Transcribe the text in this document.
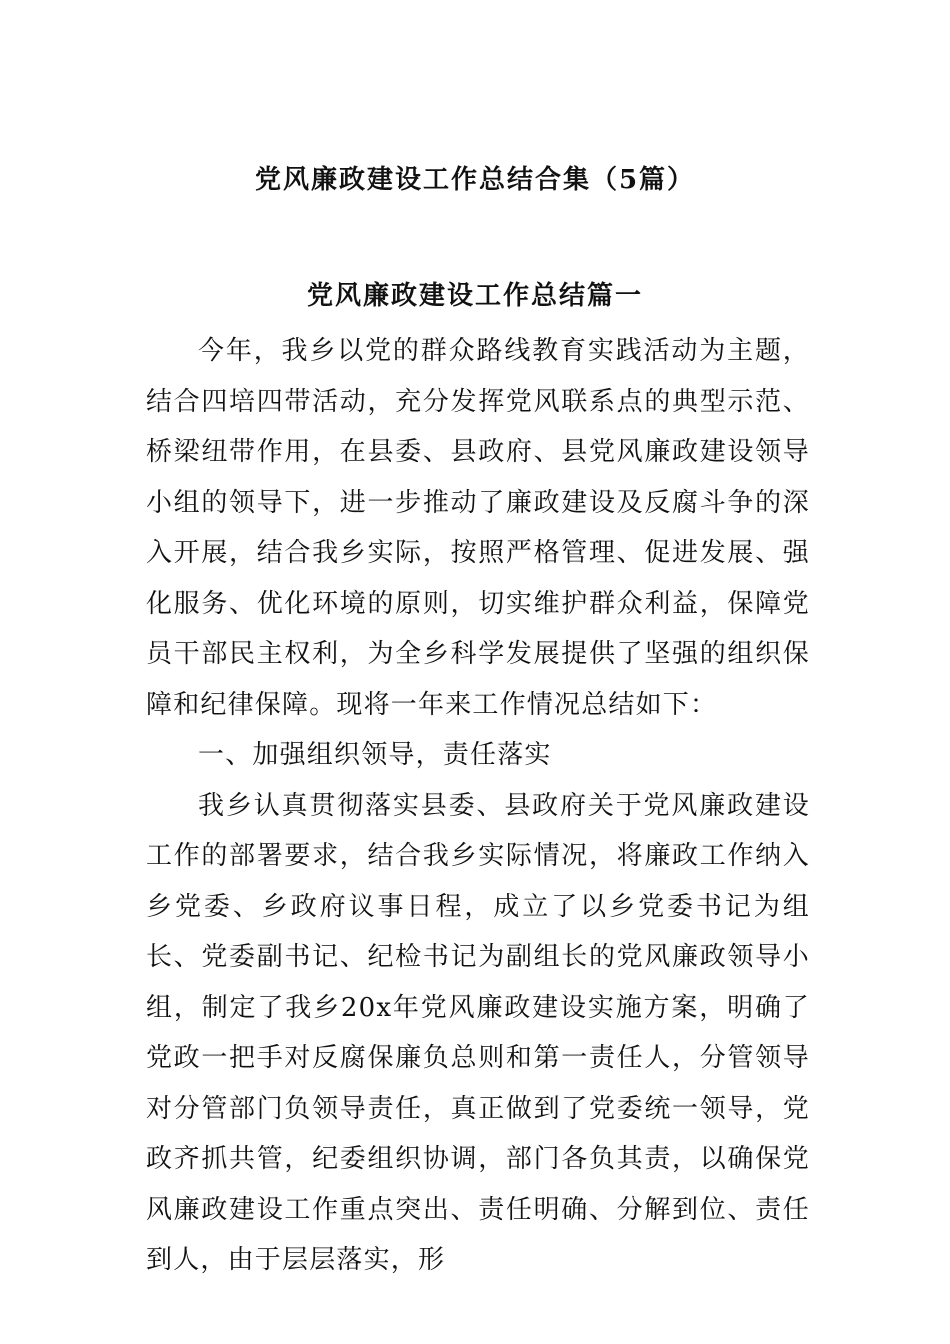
党风廉政建设工作总结合集（5篇）
党风廉政建设工作总结篇一

今年，我乡以党的群众路线教育实践活动为主题，结合四培四带活动，充分发挥党风联系点的典型示范、桥梁纽带作用，在县委、县政府、县党风廉政建设领导小组的领导下，进一步推动了廉政建设及反腐斗争的深入开展，结合我乡实际，按照严格管理、促进发展、强化服务、优化环境的原则，切实维护群众利益，保障党员干部民主权利，为全乡科学发展提供了坚强的组织保障和纪律保障。现将一年来工作情况总结如下：

一、加强组织领导，责任落实

我乡认真贯彻落实县委、县政府关于党风廉政建设工作的部署要求，结合我乡实际情况，将廉政工作纳入乡党委、乡政府议事日程，成立了以乡党委书记为组长、党委副书记、纪检书记为副组长的党风廉政领导小组，制定了我乡20x年党风廉政建设实施方案，明确了党政一把手对反腐保廉负总则和第一责任人，分管领导对分管部门负领导责任，真正做到了党委统一领导，党政齐抓共管，纪委组织协调，部门各负其责，以确保党风廉政建设工作重点突出、责任明确、分解到位、责任到人，由于层层落实，形
